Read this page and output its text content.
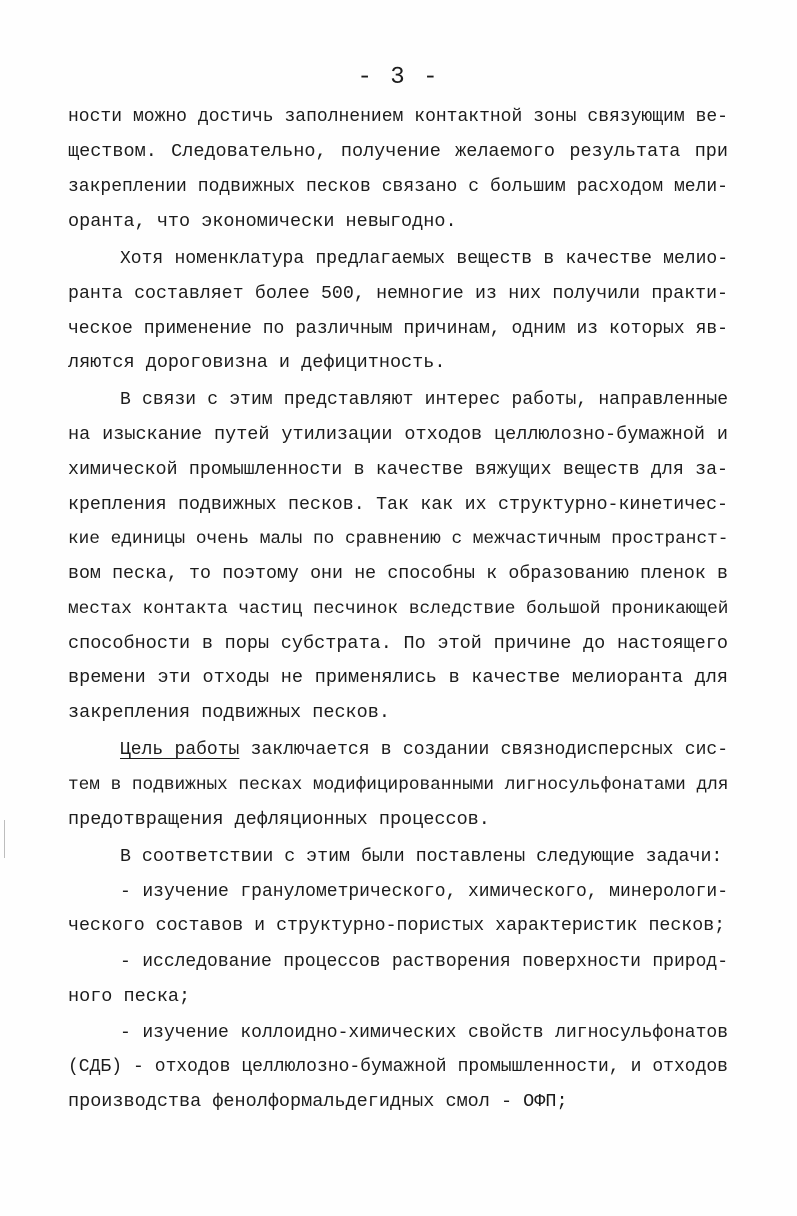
- 3 -
ности можно достичь заполнением контактной зоны связующим ве-
ществом. Следовательно, получение желаемого результата при
закреплении подвижных песков связано с большим расходом мели-
оранта, что экономически невыгодно.
Хотя номенклатура предлагаемых веществ в качестве мелио-
ранта составляет более 500, немногие из них получили практи-
ческое применение по различным причинам, одним из которых яв-
ляются дороговизна и дефицитность.
В связи с этим представляют интерес работы, направленные
на изыскание путей утилизации отходов целлюлозно-бумажной и
химической промышленности в качестве вяжущих веществ для за-
крепления подвижных песков. Так как их структурно-кинетичес-
кие единицы очень малы по сравнению с межчастичным пространст-
вом песка, то поэтому они не способны к образованию пленок в
местах контакта частиц песчинок вследствие большой проникающей
способности в поры субстрата. По этой причине до настоящего
времени эти отходы не применялись в качестве мелиоранта для
закрепления подвижных песков.
Цель работы заключается в создании связнодисперсных сис-
тем в подвижных песках модифицированными лигносульфонатами для
предотвращения дефляционных процессов.
В соответствии с этим были поставлены следующие задачи:
- изучение гранулометрического, химического, минерологи-
ческого составов и структурно-пористых характеристик песков;
- исследование процессов растворения поверхности природ-
ного песка;
- изучение коллоидно-химических свойств лигносульфонатов
(СДБ) - отходов целлюлозно-бумажной промышленности, и отходов
производства фенолформальдегидных смол - ОФП;
